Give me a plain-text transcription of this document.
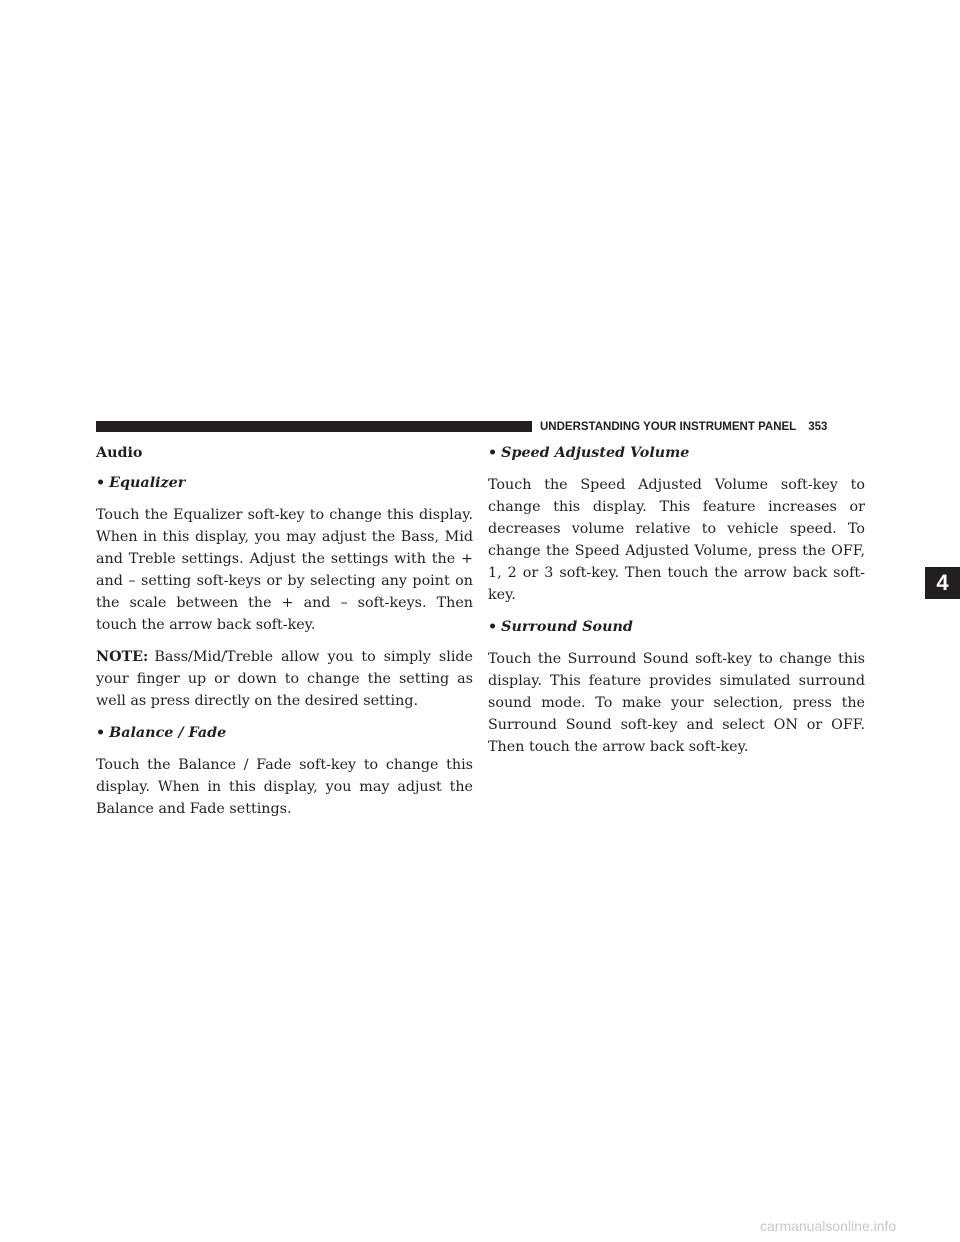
UNDERSTANDING YOUR INSTRUMENT PANEL 353
Audio
• Equalizer

Touch the Equalizer soft-key to change this display. When in this display, you may adjust the Bass, Mid and Treble settings. Adjust the settings with the + and – setting soft-keys or by selecting any point on the scale between the + and – soft-keys. Then touch the arrow back soft-key.

NOTE: Bass/Mid/Treble allow you to simply slide your finger up or down to change the setting as well as press directly on the desired setting.

• Balance / Fade

Touch the Balance / Fade soft-key to change this display. When in this display, you may adjust the Balance and Fade settings.

• Speed Adjusted Volume

Touch the Speed Adjusted Volume soft-key to change this display. This feature increases or decreases volume relative to vehicle speed. To change the Speed Adjusted Volume, press the OFF, 1, 2 or 3 soft-key. Then touch the arrow back soft-key.

• Surround Sound

Touch the Surround Sound soft-key to change this display. This feature provides simulated surround sound mode. To make your selection, press the Surround Sound soft-key and select ON or OFF. Then touch the arrow back soft-key.

4
carmanualsonline.info
